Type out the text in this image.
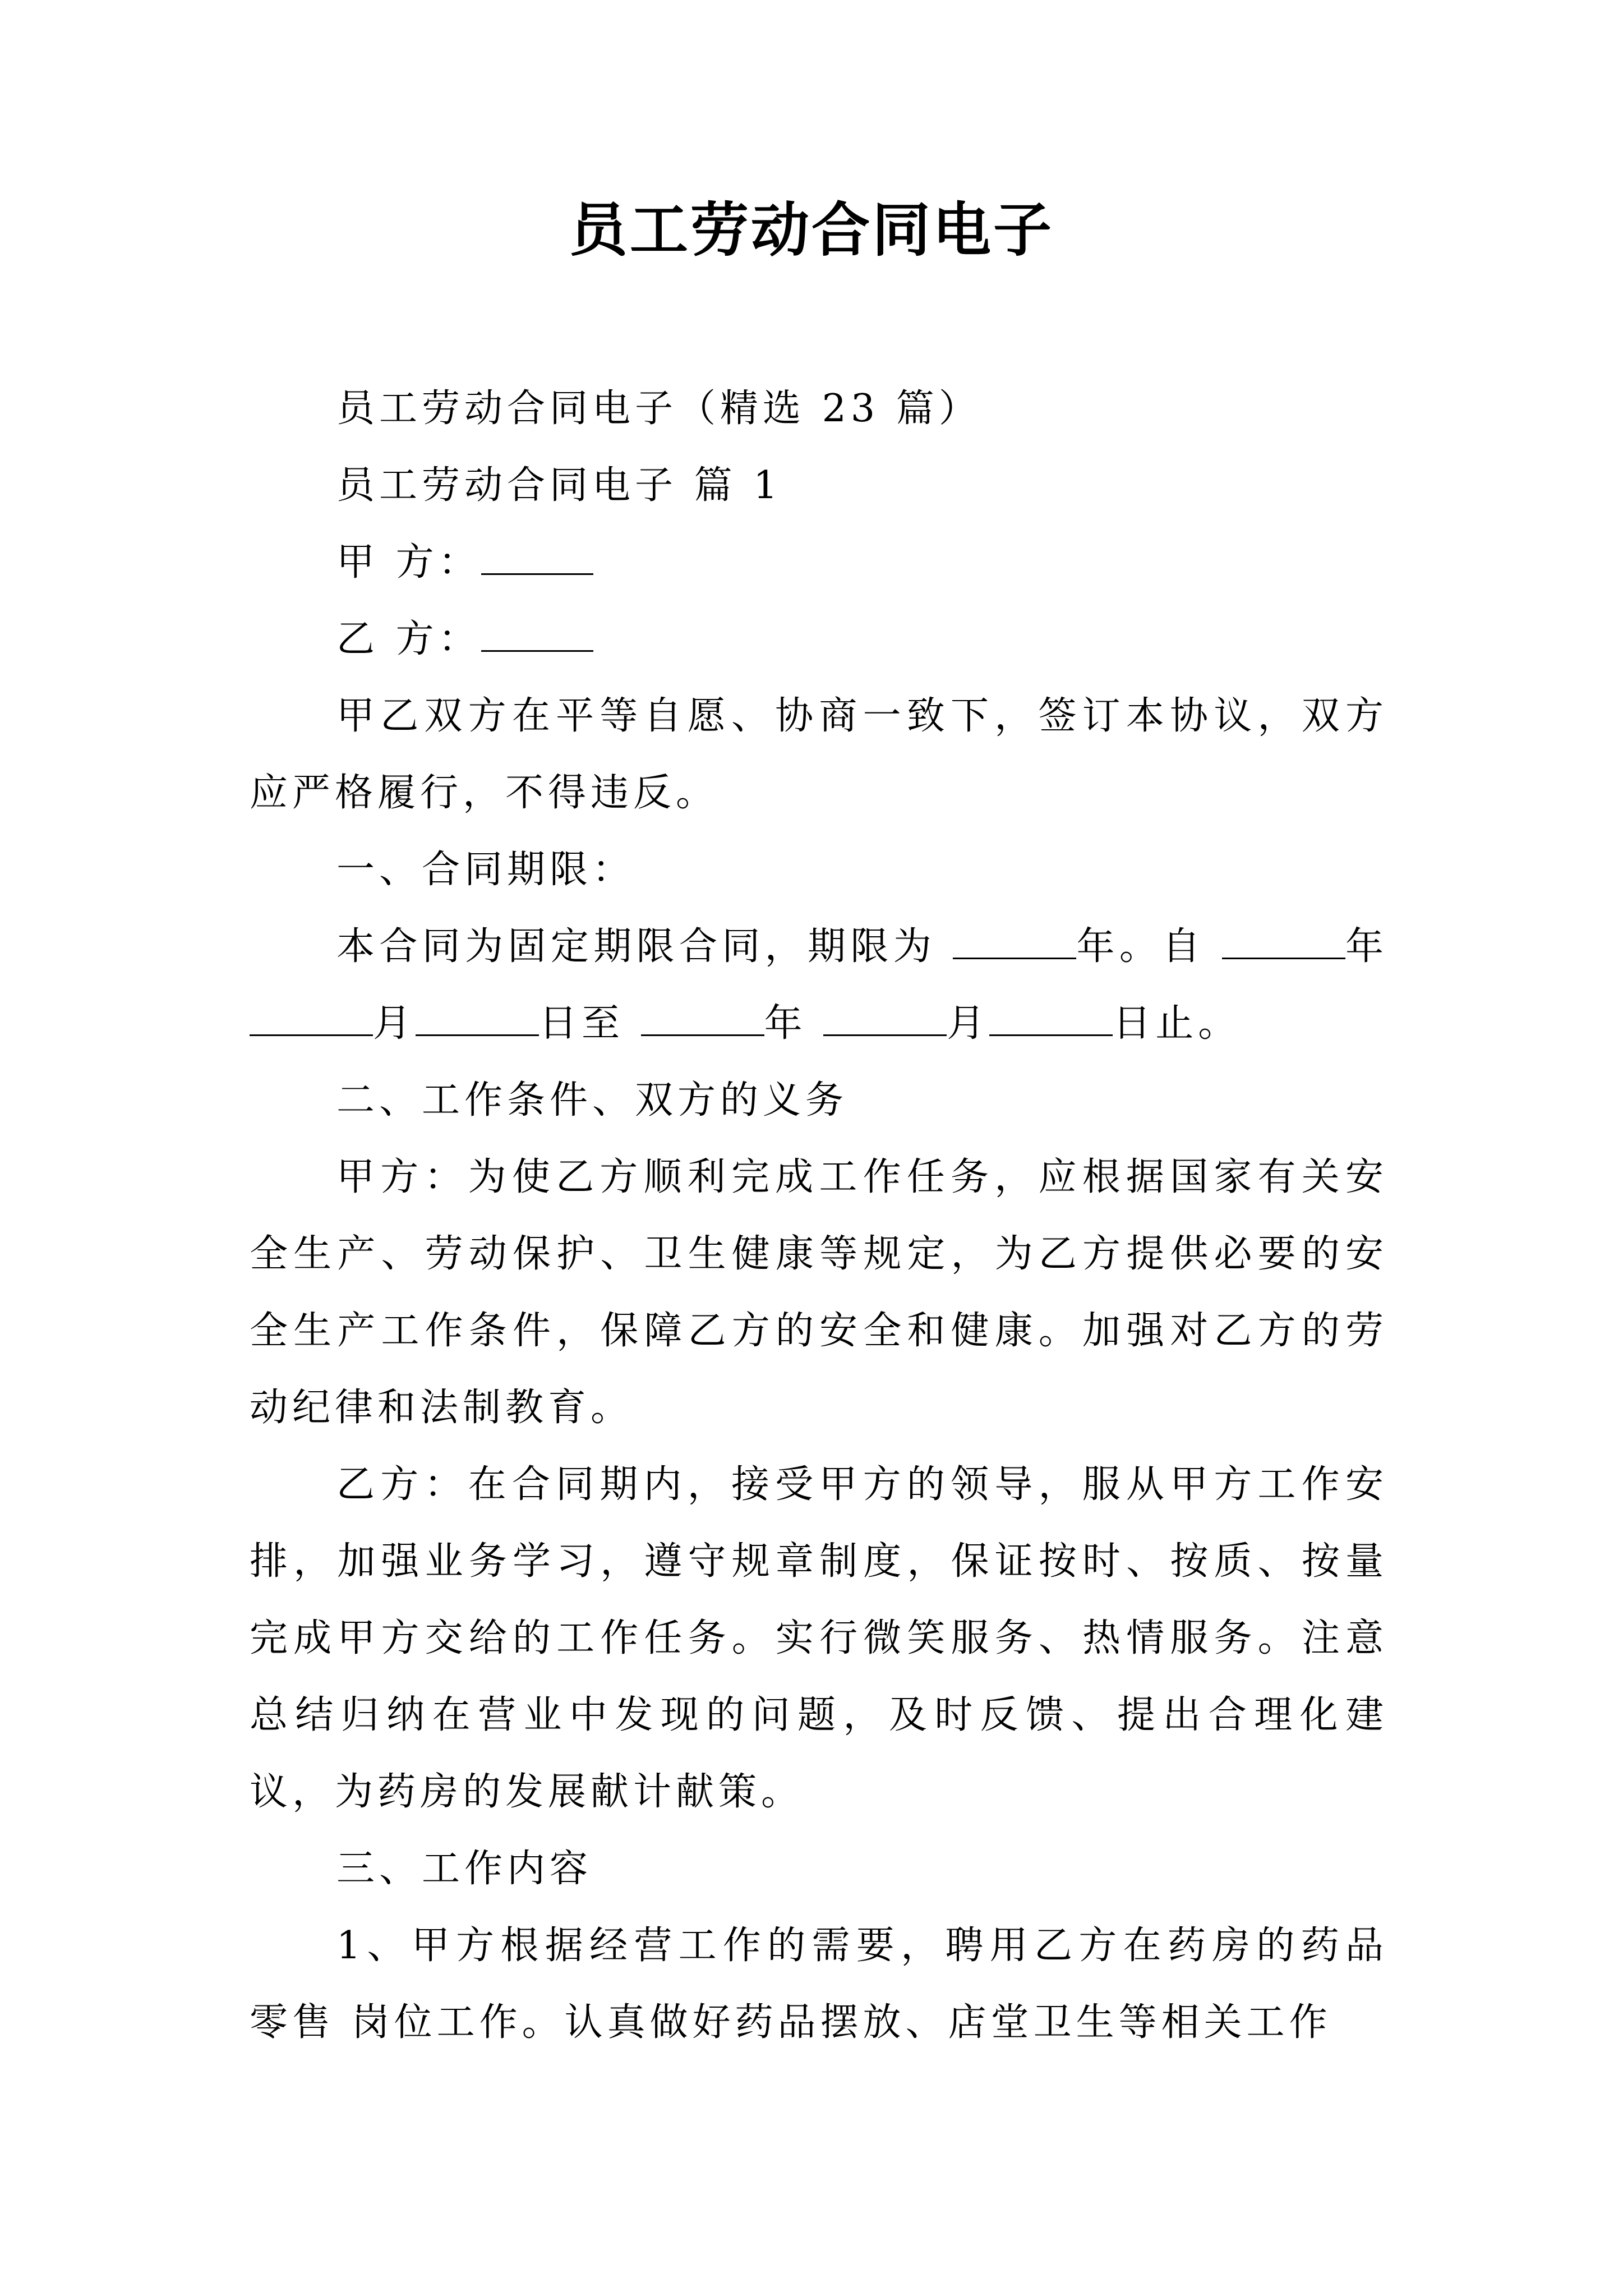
员工劳动合同电子

员工劳动合同电子（精选 23 篇）

员工劳动合同电子 篇 1

甲 方：

乙 方：

甲乙双方在平等自愿、协商一致下，签订本协议，双方应严格履行，不得违反。

一、合同期限：

本合同为固定期限合同，期限为	年。自	年 月	日至	年	月	日止。

二、工作条件、双方的义务

甲方：为使乙方顺利完成工作任务，应根据国家有关安全生产、劳动保护、卫生健康等规定，为乙方提供必要的安全生产工作条件，保障乙方的安全和健康。加强对乙方的劳动纪律和法制教育。

乙方：在合同期内，接受甲方的领导，服从甲方工作安排，加强业务学习，遵守规章制度，保证按时、按质、按量完成甲方交给的工作任务。实行微笑服务、热情服务。注意总结归纳在营业中发现的问题，及时反馈、提出合理化建议，为药房的发展献计献策。

三、工作内容

1、甲方根据经营工作的需要，聘用乙方在药房的药品零售 岗位工作。认真做好药品摆放、店堂卫生等相关工作
